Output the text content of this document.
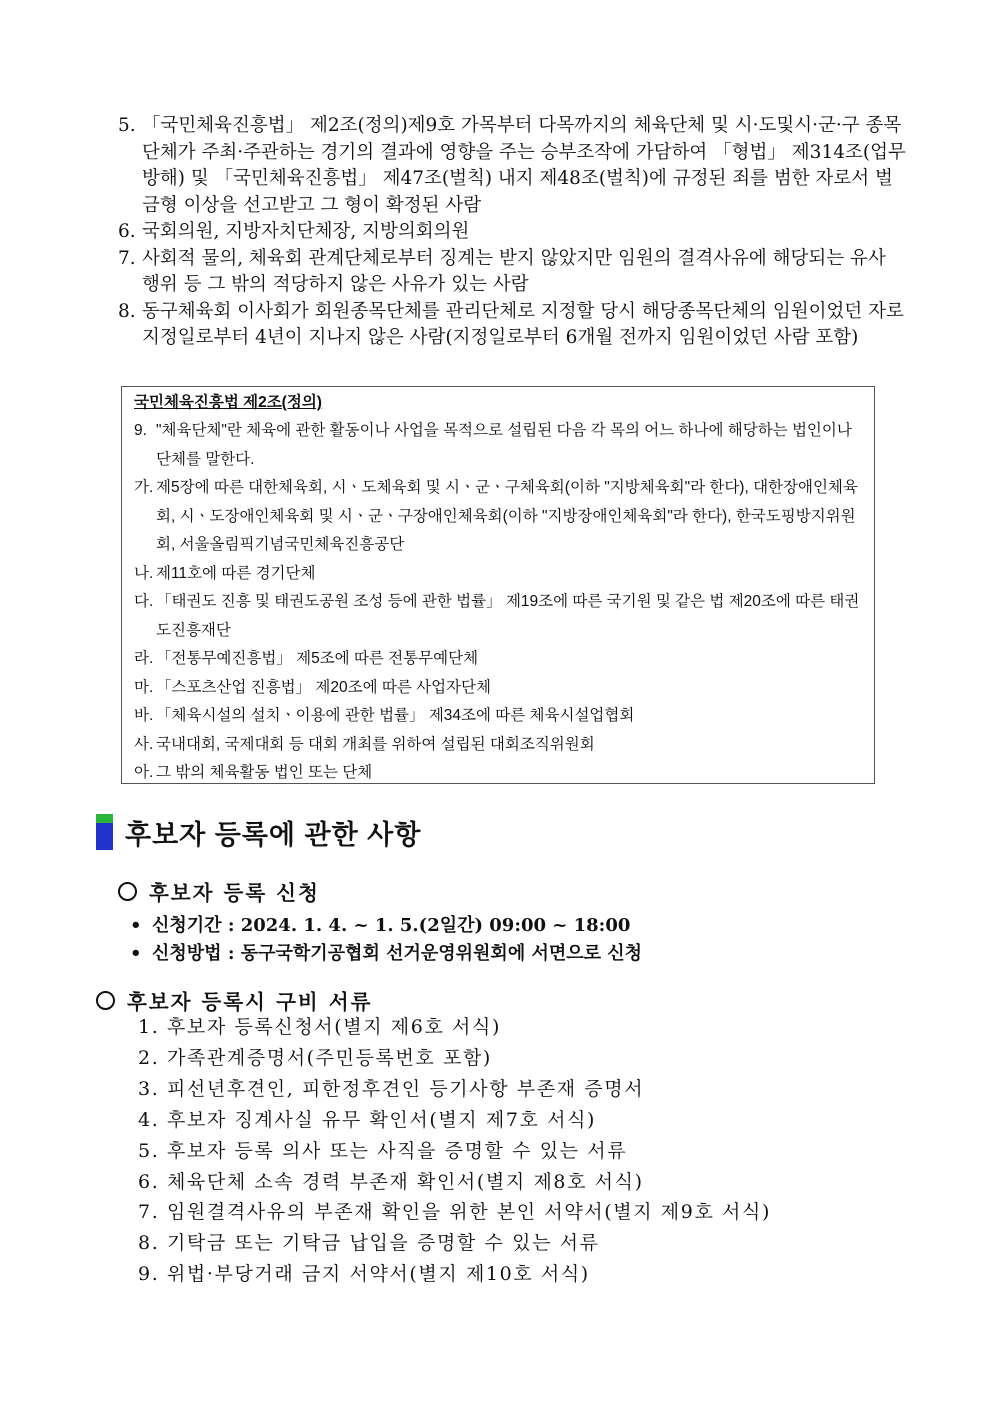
5. 「국민체육진흥법」 제2조(정의)제9호 가목부터 다목까지의 체육단체 및 시·도및시·군·구 종목단체가 주최·주관하는 경기의 결과에 영향을 주는 승부조작에 가담하여 「형법」 제314조(업무방해) 및 「국민체육진흥법」 제47조(벌칙) 내지 제48조(벌칙)에 규정된 죄를 범한 자로서 벌금형 이상을 선고받고 그 형이 확정된 사람

6. 국회의원, 지방자치단체장, 지방의회의원

7. 사회적 물의, 체육회 관계단체로부터 징계는 받지 않았지만 임원의 결격사유에 해당되는 유사 행위 등 그 밖의 적당하지 않은 사유가 있는 사람

8. 동구체육회 이사회가 회원종목단체를 관리단체로 지정할 당시 해당종목단체의 임원이었던 자로 지정일로부터 4년이 지나지 않은 사람(지정일로부터 6개월 전까지 임원이었던 사람 포함)

국민체육진흥법 제2조(정의)

9. "체육단체"란 체육에 관한 활동이나 사업을 목적으로 설립된 다음 각 목의 어느 하나에 해당하는 법인이나 단체를 말한다.

가. 제5장에 따른 대한체육회, 시ㆍ도체육회 및 시ㆍ군ㆍ구체육회(이하 "지방체육회"라 한다), 대한장애인체육회, 시ㆍ도장애인체육회 및 시ㆍ군ㆍ구장애인체육회(이하 "지방장애인체육회"라 한다), 한국도핑방지위원회, 서울올림픽기념국민체육진흥공단

나. 제11호에 따른 경기단체

다. 「태권도 진흥 및 태권도공원 조성 등에 관한 법률」 제19조에 따른 국기원 및 같은 법 제20조에 따른 태권도진흥재단

라. 「전통무예진흥법」 제5조에 따른 전통무예단체

마. 「스포츠산업 진흥법」 제20조에 따른 사업자단체

바. 「체육시설의 설치ㆍ이용에 관한 법률」 제34조에 따른 체육시설업협회

사. 국내대회, 국제대회 등 대회 개최를 위하여 설립된 대회조직위원회

아. 그 밖의 체육활동 법인 또는 단체

후보자 등록에 관한 사항
후보자 등록 신청

• 신청기간 : 2024. 1. 4. ~ 1. 5.(2일간) 09:00 ~ 18:00

• 신청방법 : 동구국학기공협회 선거운영위원회에 서면으로 신청

후보자 등록시 구비 서류

1. 후보자 등록신청서(별지 제6호 서식)

2. 가족관계증명서(주민등록번호 포함)

3. 피선년후견인, 피한정후견인 등기사항 부존재 증명서

4. 후보자 징계사실 유무 확인서(별지 제7호 서식)

5. 후보자 등록 의사 또는 사직을 증명할 수 있는 서류

6. 체육단체 소속 경력 부존재 확인서(별지 제8호 서식)

7. 임원결격사유의 부존재 확인을 위한 본인 서약서(별지 제9호 서식)

8. 기탁금 또는 기탁금 납입을 증명할 수 있는 서류

9. 위법·부당거래 금지 서약서(별지 제10호 서식)
